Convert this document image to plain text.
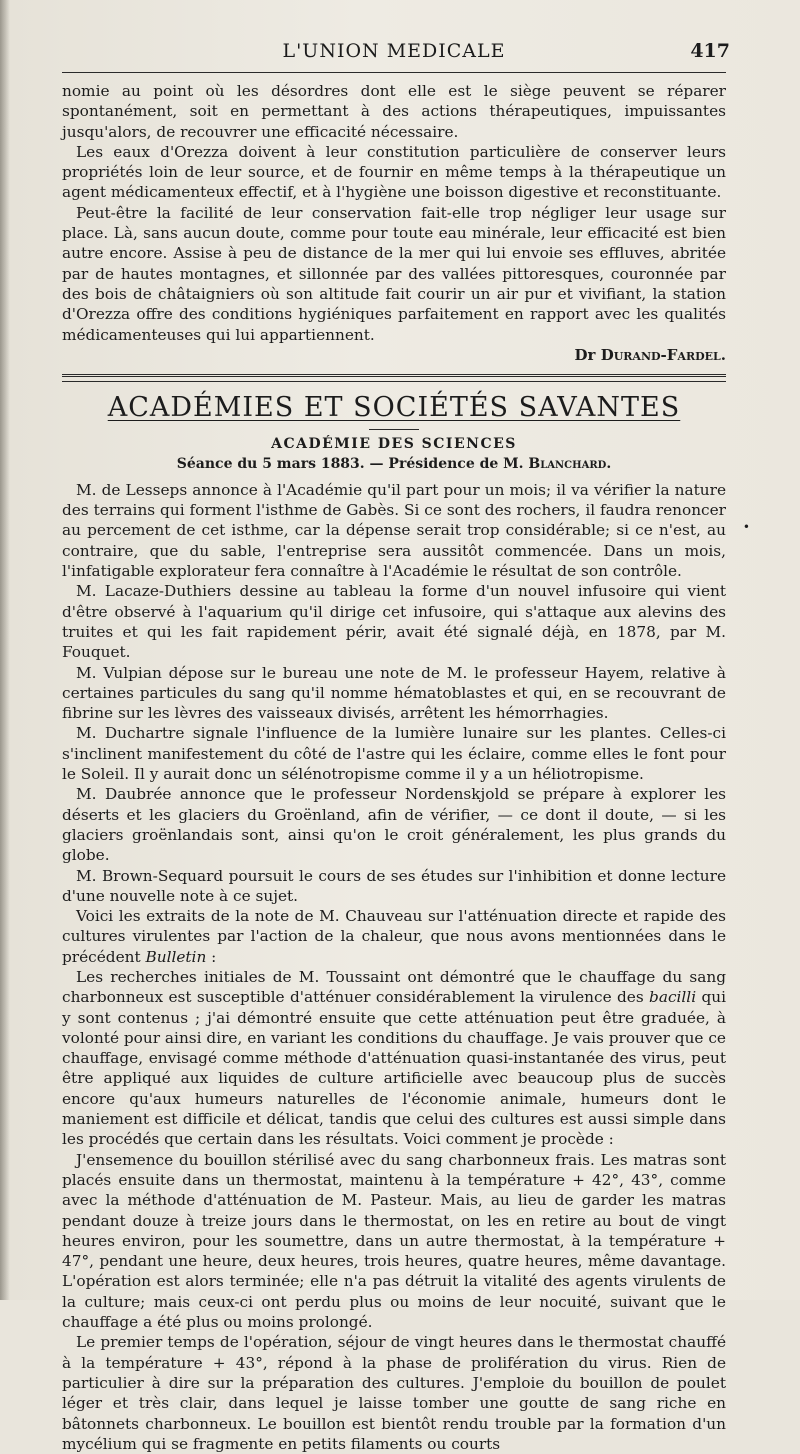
L'UNION MEDICALE	417

nomie au point où les désordres dont elle est le siège peuvent se réparer spontanément, soit en permettant à des actions thérapeutiques, impuissantes jusqu'alors, de recouvrer une efficacité nécessaire.

Les eaux d'Orezza doivent à leur constitution particulière de conserver leurs propriétés loin de leur source, et de fournir en même temps à la thérapeutique un agent médicamenteux effectif, et à l'hygiène une boisson digestive et reconstituante.

Peut-être la facilité de leur conservation fait-elle trop négliger leur usage sur place. Là, sans aucun doute, comme pour toute eau minérale, leur efficacité est bien autre encore. Assise à peu de distance de la mer qui lui envoie ses effluves, abritée par de hautes montagnes, et sillonnée par des vallées pittoresques, couronnée par des bois de châtaigniers où son altitude fait courir un air pur et vivifiant, la station d'Orezza offre des conditions hygiéniques parfaitement en rapport avec les qualités médicamenteuses qui lui appartiennent.

Dr Durand-Fardel.
ACADÉMIES ET SOCIÉTÉS SAVANTES
ACADÉMIE DES SCIENCES
Séance du 5 mars 1883. — Présidence de M. Blanchard.

M. de Lesseps annonce à l'Académie qu'il part pour un mois; il va vérifier la nature des terrains qui forment l'isthme de Gabès. Si ce sont des rochers, il faudra renoncer au percement de cet isthme, car la dépense serait trop considérable; si ce n'est, au contraire, que du sable, l'entreprise sera aussitôt commencée. Dans un mois, l'infatigable explorateur fera connaître à l'Académie le résultat de son contrôle.

M. Lacaze-Duthiers dessine au tableau la forme d'un nouvel infusoire qui vient d'être observé à l'aquarium qu'il dirige cet infusoire, qui s'attaque aux alevins des truites et qui les fait rapidement périr, avait été signalé déjà, en 1878, par M. Fouquet.

M. Vulpian dépose sur le bureau une note de M. le professeur Hayem, relative à certaines particules du sang qu'il nomme hématoblastes et qui, en se recouvrant de fibrine sur les lèvres des vaisseaux divisés, arrêtent les hémorrhagies.

M. Duchartre signale l'influence de la lumière lunaire sur les plantes. Celles-ci s'inclinent manifestement du côté de l'astre qui les éclaire, comme elles le font pour le Soleil. Il y aurait donc un sélénotropisme comme il y a un héliotropisme.

M. Daubrée annonce que le professeur Nordenskjold se prépare à explorer les déserts et les glaciers du Groënland, afin de vérifier, — ce dont il doute, — si les glaciers groënlandais sont, ainsi qu'on le croit généralement, les plus grands du globe.

M. Brown-Sequard poursuit le cours de ses études sur l'inhibition et donne lecture d'une nouvelle note à ce sujet.

Voici les extraits de la note de M. Chauveau sur l'atténuation directe et rapide des cultures virulentes par l'action de la chaleur, que nous avons mentionnées dans le précédent Bulletin :

Les recherches initiales de M. Toussaint ont démontré que le chauffage du sang charbonneux est susceptible d'atténuer considérablement la virulence des bacilli qui y sont contenus ; j'ai démontré ensuite que cette atténuation peut être graduée, à volonté pour ainsi dire, en variant les conditions du chauffage. Je vais prouver que ce chauffage, envisagé comme méthode d'atténuation quasi-instantanée des virus, peut être appliqué aux liquides de culture artificielle avec beaucoup plus de succès encore qu'aux humeurs naturelles de l'économie animale, humeurs dont le maniement est difficile et délicat, tandis que celui des cultures est aussi simple dans les procédés que certain dans les résultats. Voici comment je procède :

J'ensemence du bouillon stérilisé avec du sang charbonneux frais. Les matras sont placés ensuite dans un thermostat, maintenu à la température + 42°, 43°, comme avec la méthode d'atténuation de M. Pasteur. Mais, au lieu de garder les matras pendant douze à treize jours dans le thermostat, on les en retire au bout de vingt heures environ, pour les soumettre, dans un autre thermostat, à la température + 47°, pendant une heure, deux heures, trois heures, quatre heures, même davantage. L'opération est alors terminée; elle n'a pas détruit la vitalité des agents virulents de la culture; mais ceux-ci ont perdu plus ou moins de leur nocuité, suivant que le chauffage a été plus ou moins prolongé.

Le premier temps de l'opération, séjour de vingt heures dans le thermostat chauffé à la température + 43°, répond à la phase de prolifération du virus. Rien de particulier à dire sur la préparation des cultures. J'emploie du bouillon de poulet léger et très clair, dans lequel je laisse tomber une goutte de sang riche en bâtonnets charbonneux. Le bouillon est bientôt rendu trouble par la formation d'un mycélium qui se fragmente en petits filaments ou courts

•
